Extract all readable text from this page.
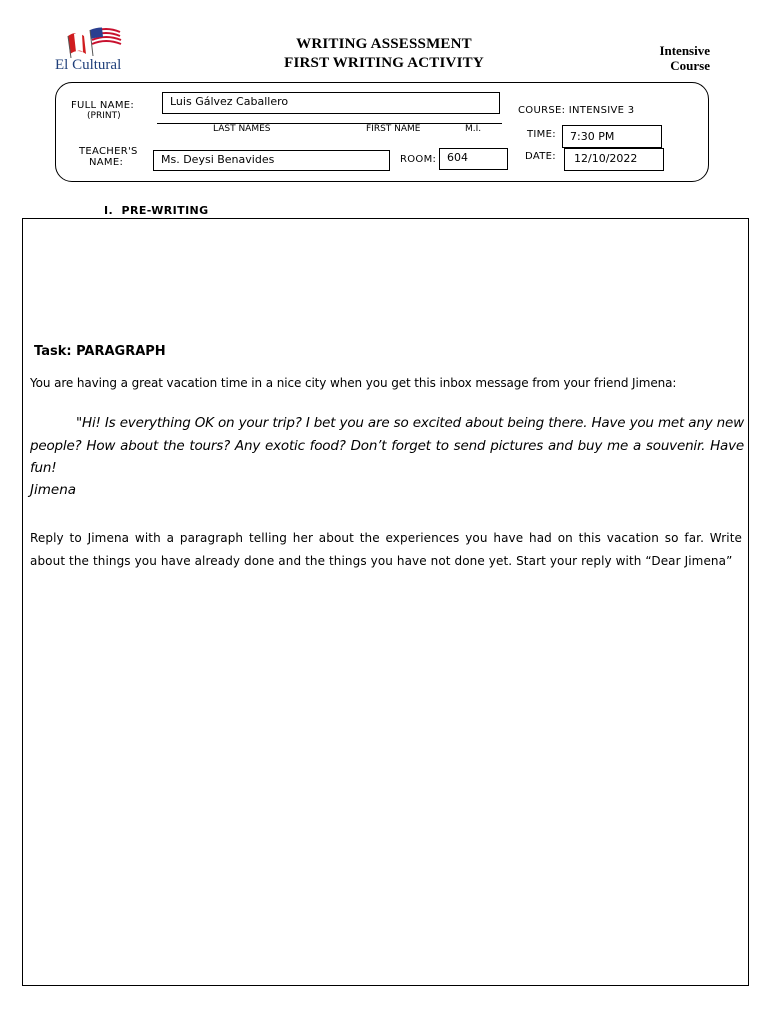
El Cultural
WRITING ASSESSMENT
FIRST WRITING ACTIVITY
Intensive
Course
FULL NAME:
(PRINT)
Luis Gálvez Caballero
LAST NAMES	FIRST NAME	M.I.
TEACHER'S
NAME:	Ms. Deysi Benavides	ROOM: 604
COURSE: INTENSIVE 3
TIME:	7:30 PM
DATE:	12/10/2022
I. PRE-WRITING
Task: PARAGRAPH
You are having a great vacation time in a nice city when you get this inbox message from your friend Jimena:
"Hi! Is everything OK on your trip? I bet you are so excited about being there. Have you met any new people? How about the tours? Any exotic food? Don’t forget to send pictures and buy me a souvenir. Have fun!
Jimena
Reply to Jimena with a paragraph telling her about the experiences you have had on this vacation so far. Write about the things you have already done and the things you have not done yet. Start your reply with “Dear Jimena”
